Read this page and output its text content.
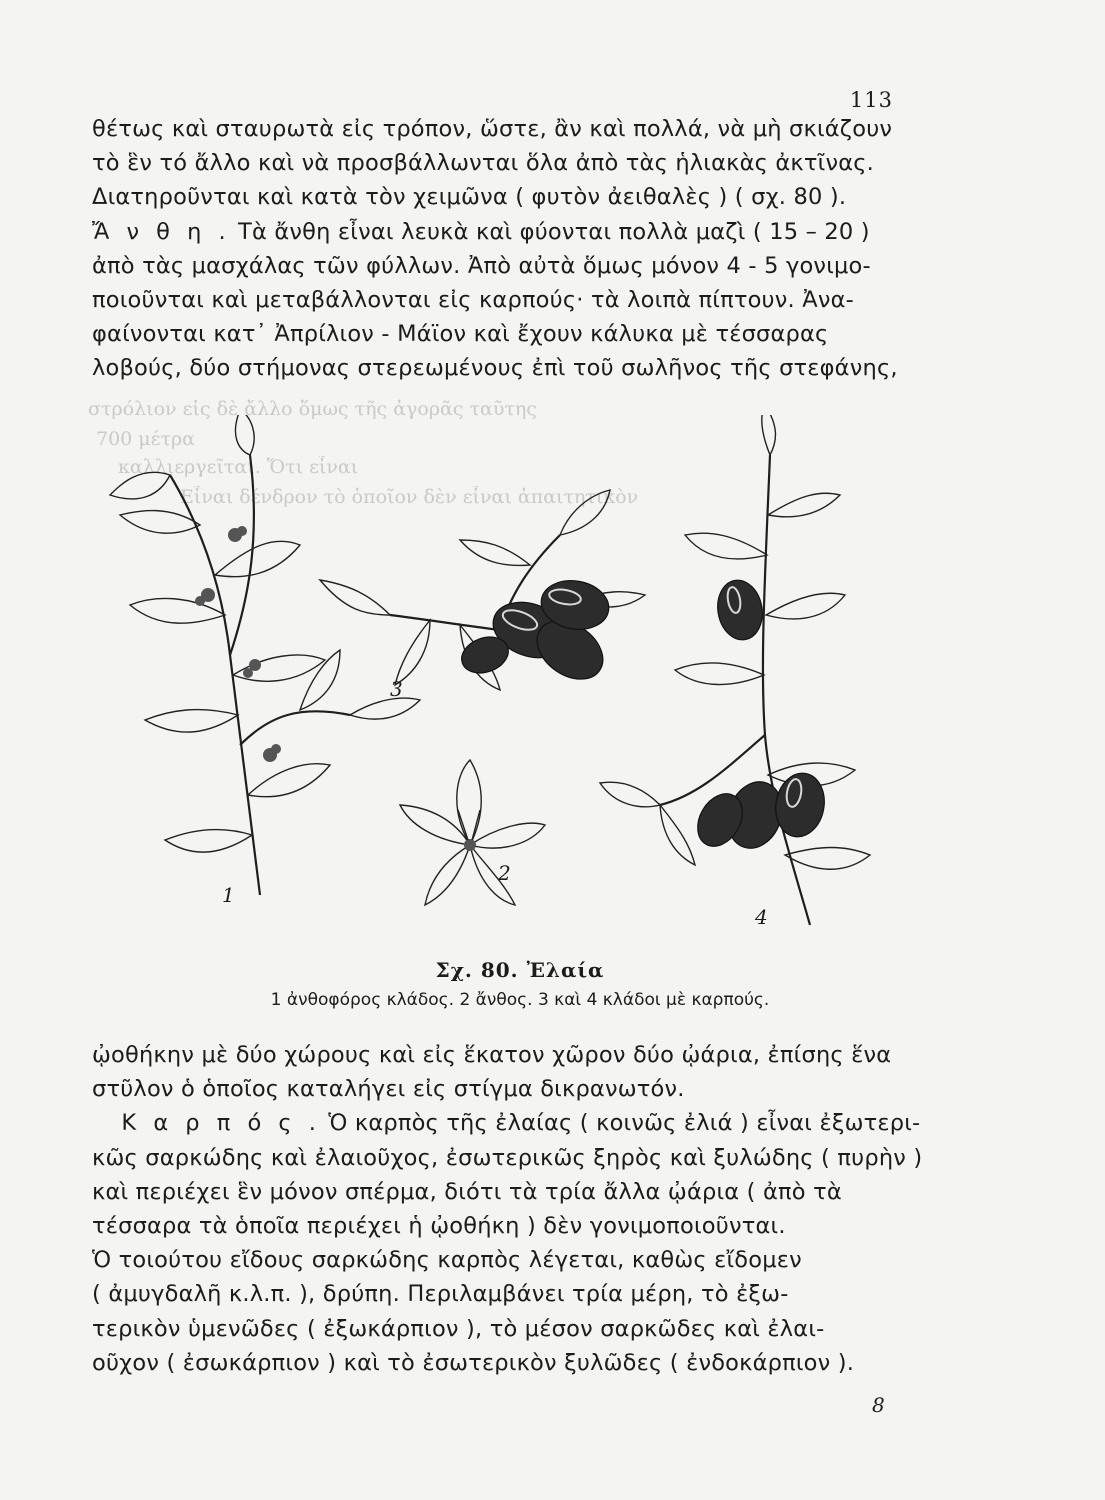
στρόλιον εἰς δὲ ἄλλο ὅμως τῆς ἀγορᾶς ταῦτης
700 μέτρα
καλλιεργεῖται. Ὅτι εἶναι
Εἶναι δένδρον τὸ ὁποῖον δὲν εἶναι ἀπαιτητικὸν
113
θέτως καὶ σταυρωτὰ εἰς τρόπον, ὥστε, ἂν καὶ πολλά, νὰ μὴ σκιάζουν
τὸ ἓν τό ἄλλο καὶ νὰ προσβάλλωνται ὅλα ἀπὸ τὰς ἡλιακὰς ἀκτῖνας.
Διατηροῦνται καὶ κατὰ τὸν χειμῶνα ( φυτὸν ἀειθαλὲς ) ( σχ. 80 ).
Ἄ ν θ η . Τὰ ἄνθη εἶναι λευκὰ καὶ φύονται πολλὰ μαζὶ ( 15 – 20 )
ἀπὸ τὰς μασχάλας τῶν φύλλων. Ἀπὸ αὐτὰ ὅμως μόνον 4 - 5 γονιμο-
ποιοῦνται καὶ μεταβάλλονται εἰς καρπούς· τὰ λοιπὰ πίπτουν. Ἀνα-
φαίνονται κατ᾽ Ἀπρίλιον - Μάϊον καὶ ἔχουν κάλυκα μὲ τέσσαρας
λοβούς, δύο στήμονας στερεωμένους ἐπὶ τοῦ σωλῆνος τῆς στεφάνης,
1
2
3
4
Σχ. 80. Ἐλαία
1 ἀνθοφόρος κλάδος. 2 ἄνθος. 3 καὶ 4 κλάδοι μὲ καρπούς.
ᾠοθήκην μὲ δύο χώρους καὶ εἰς ἕκατον χῶρον δύο ᾠάρια, ἐπίσης ἕνα
στῦλον ὁ ὁποῖος καταλήγει εἰς στίγμα δικρανωτόν.
Κ α ρ π ό ς . Ὁ καρπὸς τῆς ἐλαίας ( κοινῶς ἐλιά ) εἶναι ἐξωτερι-
κῶς σαρκώδης καὶ ἐλαιοῦχος, ἐσωτερικῶς ξηρὸς καὶ ξυλώδης ( πυρὴν )
καὶ περιέχει ἓν μόνον σπέρμα, διότι τὰ τρία ἄλλα ᾠάρια ( ἀπὸ τὰ
τέσσαρα τὰ ὁποῖα περιέχει ἡ ᾠοθήκη ) δὲν γονιμοποιοῦνται.
Ὁ τοιούτου εἴδους σαρκώδης καρπὸς λέγεται, καθὼς εἴδομεν
( ἀμυγδαλῆ κ.λ.π. ), δρύπη. Περιλαμβάνει τρία μέρη, τὸ ἐξω-
τερικὸν ὑμενῶδες ( ἐξωκάρπιον ), τὸ μέσον σαρκῶδες καὶ ἐλαι-
οῦχον ( ἐσωκάρπιον ) καὶ τὸ ἐσωτερικὸν ξυλῶδες ( ἐνδοκάρπιον ).
8
